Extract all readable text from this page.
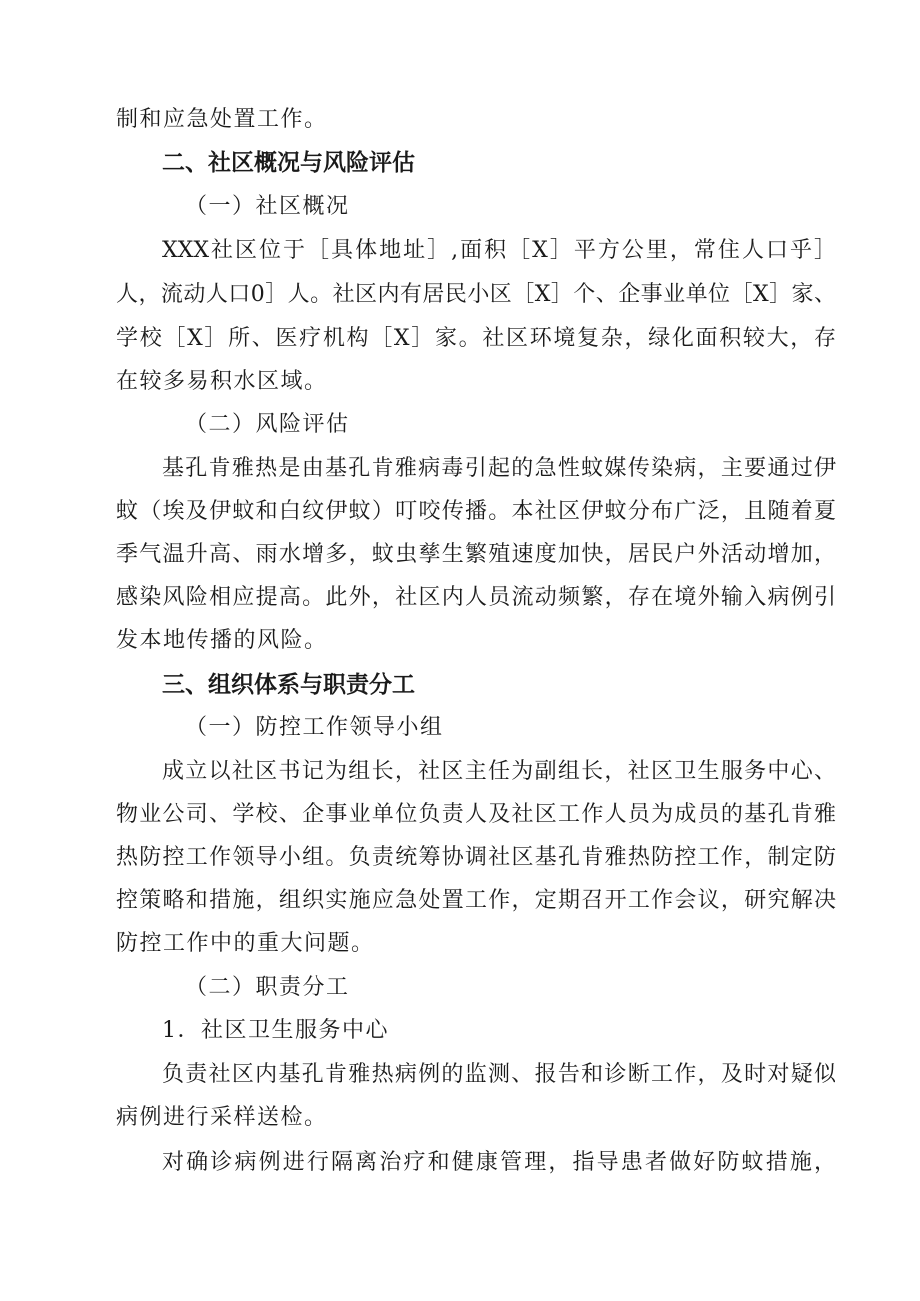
制和应急处置工作。
二、社区概况与风险评估
（一）社区概况
XXX社区位于［具体地址］,面积［X］平方公里，常住人口乎］
人，流动人口0］人。社区内有居民小区［X］个、企事业单位［X］家、
学校［X］所、医疗机构［X］家。社区环境复杂，绿化面积较大，存
在较多易积水区域。
（二）风险评估
基孔肯雅热是由基孔肯雅病毒引起的急性蚊媒传染病，主要通过伊
蚊（埃及伊蚊和白纹伊蚊）叮咬传播。本社区伊蚊分布广泛，且随着夏
季气温升高、雨水增多，蚊虫孳生繁殖速度加快，居民户外活动增加，
感染风险相应提高。此外，社区内人员流动频繁，存在境外输入病例引
发本地传播的风险。
三、组织体系与职责分工
（一）防控工作领导小组
成立以社区书记为组长，社区主任为副组长，社区卫生服务中心、
物业公司、学校、企事业单位负责人及社区工作人员为成员的基孔肯雅
热防控工作领导小组。负责统筹协调社区基孔肯雅热防控工作，制定防
控策略和措施，组织实施应急处置工作，定期召开工作会议，研究解决
防控工作中的重大问题。
（二）职责分工
1．社区卫生服务中心
负责社区内基孔肯雅热病例的监测、报告和诊断工作，及时对疑似
病例进行采样送检。
对确诊病例进行隔离治疗和健康管理，指导患者做好防蚊措施，
